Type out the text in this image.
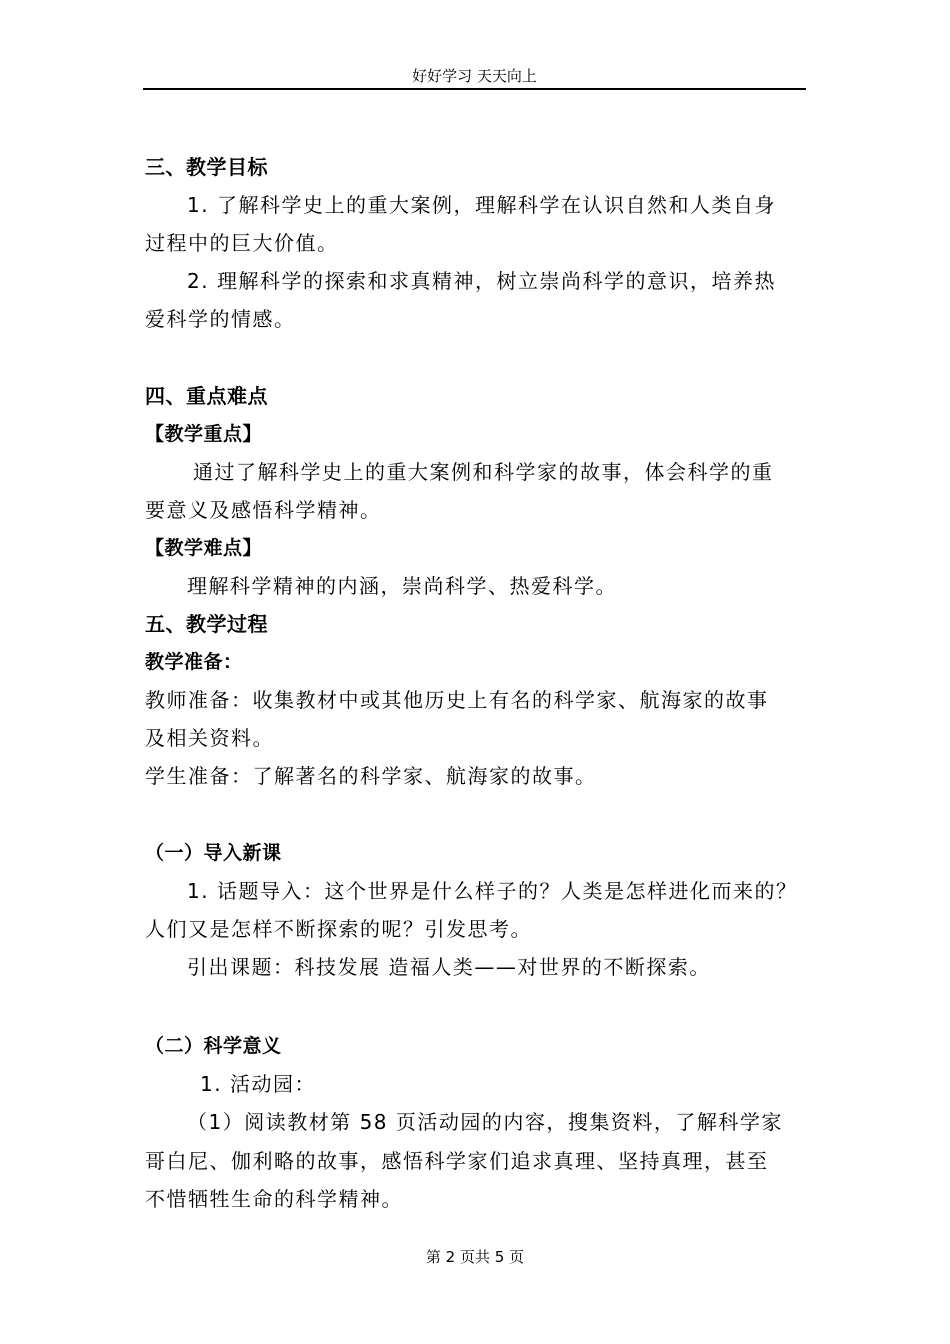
好好学习 天天向上
三、教学目标
1. 了解科学史上的重大案例，理解科学在认识自然和人类自身
过程中的巨大价值。
2. 理解科学的探索和求真精神，树立崇尚科学的意识，培养热
爱科学的情感。
四、重点难点
【教学重点】
通过了解科学史上的重大案例和科学家的故事，体会科学的重
要意义及感悟科学精神。
【教学难点】
理解科学精神的内涵，崇尚科学、热爱科学。
五、教学过程
教学准备：
教师准备：收集教材中或其他历史上有名的科学家、航海家的故事
及相关资料。
学生准备：了解著名的科学家、航海家的故事。
（一）导入新课
1. 话题导入：这个世界是什么样子的？人类是怎样进化而来的？
人们又是怎样不断探索的呢？引发思考。
引出课题：科技发展 造福人类——对世界的不断探索。
（二）科学意义
1. 活动园：
（1）阅读教材第 58 页活动园的内容，搜集资料，了解科学家
哥白尼、伽利略的故事，感悟科学家们追求真理、坚持真理，甚至
不惜牺牲生命的科学精神。
第 2 页共 5 页
